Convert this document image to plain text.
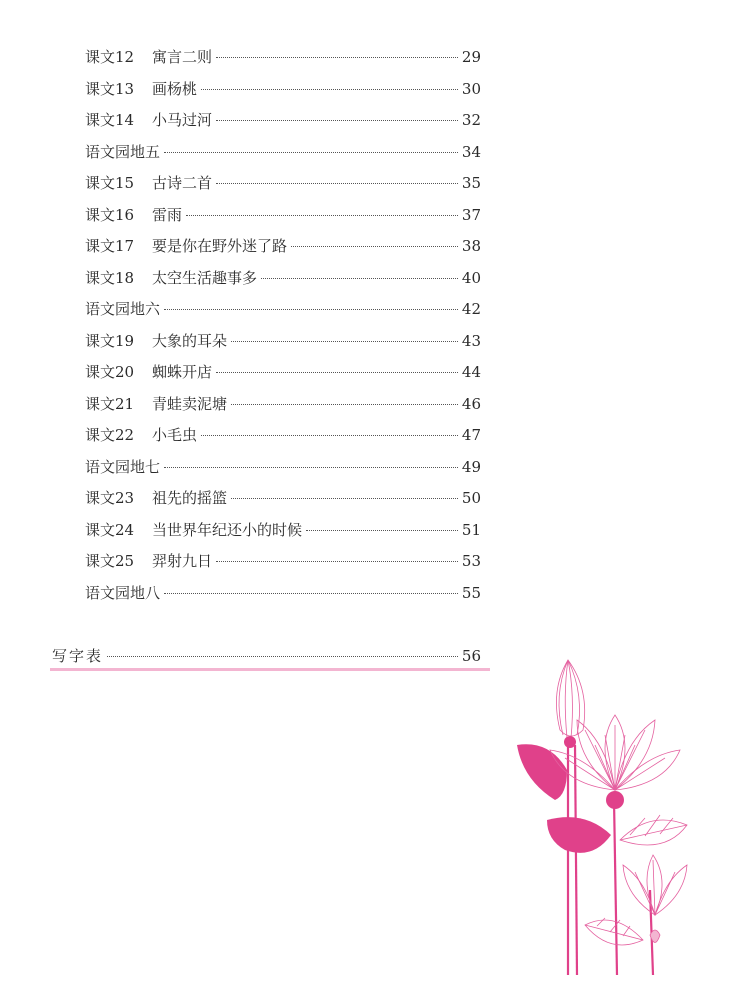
课文12	寓言二则	29
课文13	画杨桃	30
课文14	小马过河	32
语文园地五	34
课文15	古诗二首	35
课文16	雷雨	37
课文17	要是你在野外迷了路	38
课文18	太空生活趣事多	40
语文园地六	42
课文19	大象的耳朵	43
课文20	蜘蛛开店	44
课文21	青蛙卖泥塘	46
课文22	小毛虫	47
语文园地七	49
课文23	祖先的摇篮	50
课文24	当世界年纪还小的时候	51
课文25	羿射九日	53
语文园地八	55
写字表	56
